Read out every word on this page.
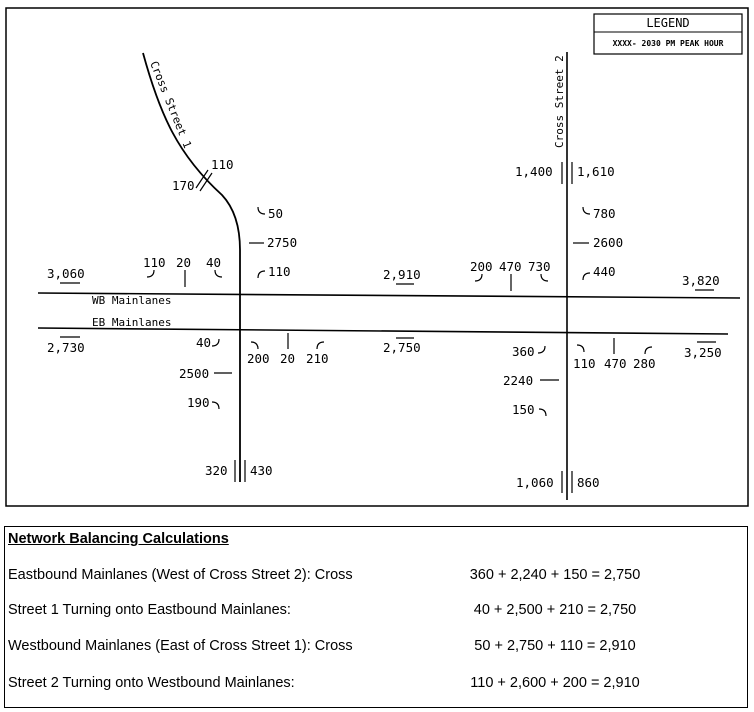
LEGEND
XXXX- 2030 PM PEAK HOUR
Cross Street 1	Cross Street 2
WB Mainlanes
EB Mainlanes
110
170
50
2750
110
110 20 40
40
2500
190
200 20 210
320 430
1,400 1,610
780
2600
440
200 470 730
360
2240
150
110 470 280
1,060 860
3,060	2,910	3,820
2,730	2,750	3,250
Network Balancing Calculations
Eastbound Mainlanes (West of Cross Street 2): Cross	360 + 2,240 + 150 = 2,750
Street 1 Turning onto Eastbound Mainlanes:	40 + 2,500 + 210 = 2,750
Westbound Mainlanes (East of Cross Street 1): Cross	50 + 2,750 + 110 = 2,910
Street 2 Turning onto Westbound Mainlanes:	110 + 2,600 + 200 = 2,910
